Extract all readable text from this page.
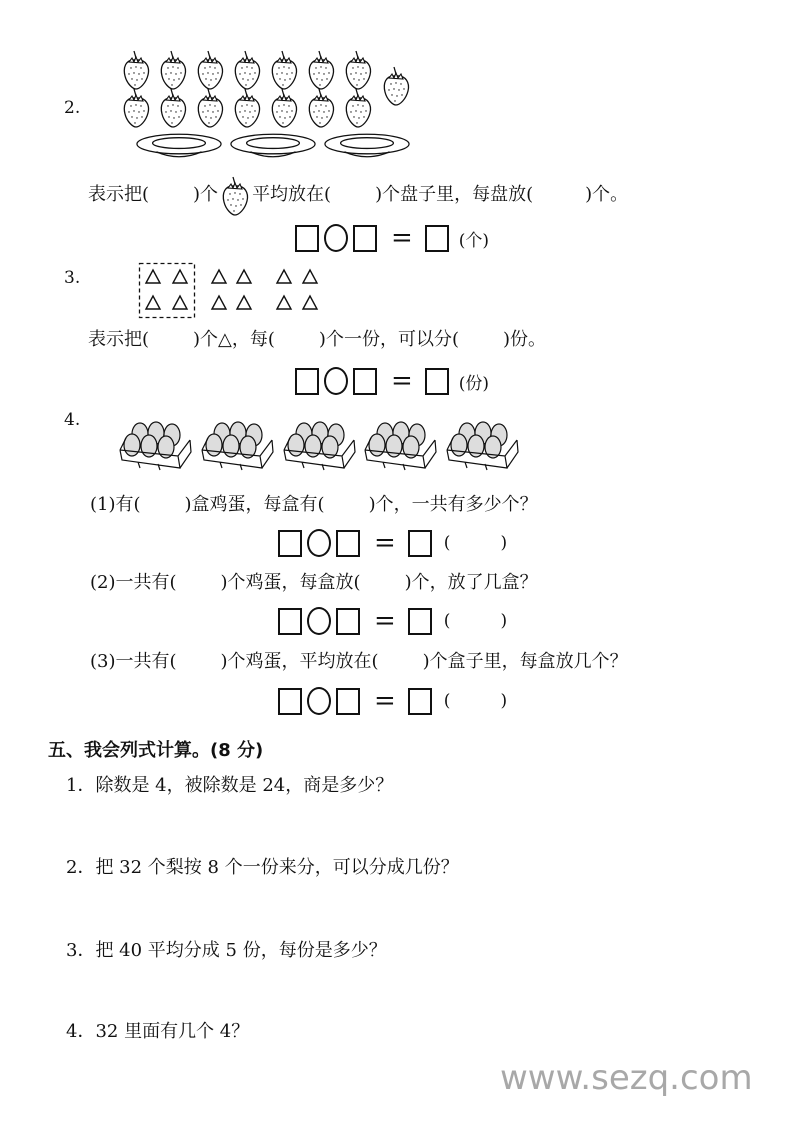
2.
表示把( )个 平均放在( )个盘子里，每盘放(	)个。
=	(个)
3.
表示把( )个△，每( )个一份，可以分( )份。
=	(份)
4.
(1)有( )盒鸡蛋，每盒有( )个，一共有多少个？
=	(	)
(2)一共有( )个鸡蛋，每盒放( )个，放了几盒？
=	(	)
(3)一共有( )个鸡蛋，平均放在( )个盒子里，每盒放几个？
=	(	)
五、我会列式计算。(8 分)
1．除数是 4，被除数是 24，商是多少？
2．把 32 个梨按 8 个一份来分，可以分成几份？
3．把 40 平均分成 5 份，每份是多少？
4．32 里面有几个 4？
www.sezq.com
